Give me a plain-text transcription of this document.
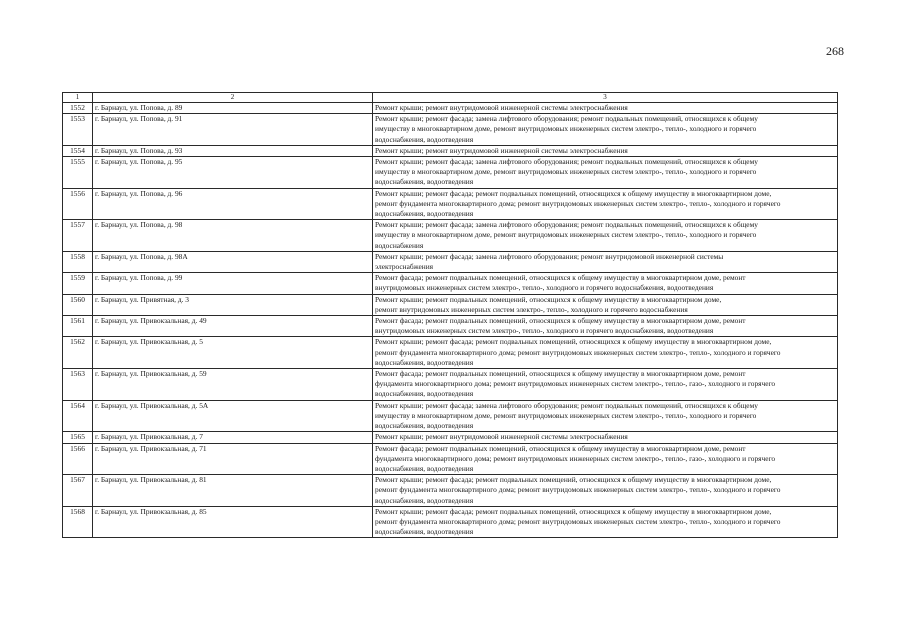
268
1	2	3
1552	г. Барнаул, ул. Попова, д. 89	Ремонт крыши; ремонт внутридомовой инженерной системы электроснабжения
1553	г. Барнаул, ул. Попова, д. 91	Ремонт крыши; ремонт фасада; замена лифтового оборудования; ремонт подвальных помещений, относящихся к общему
имуществу в многоквартирном доме, ремонт внутридомовых инженерных систем электро-, тепло-, холодного и горячего
водоснабжения, водоотведения
1554	г. Барнаул, ул. Попова, д. 93	Ремонт крыши; ремонт внутридомовой инженерной системы электроснабжения
1555	г. Барнаул, ул. Попова, д. 95	Ремонт крыши; ремонт фасада; замена лифтового оборудования; ремонт подвальных помещений, относящихся к общему
имуществу в многоквартирном доме, ремонт внутридомовых инженерных систем электро-, тепло-, холодного и горячего
водоснабжения, водоотведения
1556	г. Барнаул, ул. Попова, д. 96	Ремонт крыши; ремонт фасада; ремонт подвальных помещений, относящихся к общему имуществу в многоквартирном доме,
ремонт фундамента многоквартирного дома; ремонт внутридомовых инженерных систем электро-, тепло-, холодного и горячего
водоснабжения, водоотведения
1557	г. Барнаул, ул. Попова, д. 98	Ремонт крыши; ремонт фасада; замена лифтового оборудования; ремонт подвальных помещений, относящихся к общему
имуществу в многоквартирном доме, ремонт внутридомовых инженерных систем электро-, тепло-, холодного и горячего
водоснабжения
1558	г. Барнаул, ул. Попова, д. 98А	Ремонт крыши; ремонт фасада; замена лифтового оборудования; ремонт внутридомовой инженерной системы
электроснабжения
1559	г. Барнаул, ул. Попова, д. 99	Ремонт фасада; ремонт подвальных помещений, относящихся к общему имуществу в многоквартирном доме, ремонт
внутридомовых инженерных систем электро-, тепло-, холодного и горячего водоснабжения, водоотведения
1560	г. Барнаул, ул. Привятная, д. 3	Ремонт крыши; ремонт подвальных помещений, относящихся к общему имуществу в многоквартирном доме,
ремонт внутридомовых инженерных систем электро-, тепло-, холодного и горячего водоснабжения

1561	г. Барнаул, ул. Привокзальная, д. 49	Ремонт фасада; ремонт подвальных помещений, относящихся к общему имуществу в многоквартирном доме, ремонт
внутридомовых инженерных систем электро-, тепло-, холодного и горячего водоснабжения, водоотведения
1562	г. Барнаул, ул. Привокзальная, д. 5	Ремонт крыши; ремонт фасада; ремонт подвальных помещений, относящихся к общему имуществу в многоквартирном доме,
ремонт фундамента многоквартирного дома; ремонт внутридомовых инженерных систем электро-, тепло-, холодного и горячего
водоснабжения, водоотведения
1563	г. Барнаул, ул. Привокзальная, д. 59	Ремонт фасада; ремонт подвальных помещений, относящихся к общему имуществу в многоквартирном доме, ремонт
фундамента многоквартирного дома; ремонт внутридомовых инженерных систем электро-, тепло-, газо-, холодного и горячего
водоснабжения, водоотведения
1564	г. Барнаул, ул. Привокзальная, д. 5А	Ремонт крыши; ремонт фасада; замена лифтового оборудования; ремонт подвальных помещений, относящихся к общему
имуществу в многоквартирном доме, ремонт внутридомовых инженерных систем электро-, тепло-, холодного и горячего
водоснабжения, водоотведения
1565	г. Барнаул, ул. Привокзальная, д. 7	Ремонт крыши; ремонт внутридомовой инженерной системы электроснабжения
1566	г. Барнаул, ул. Привокзальная, д. 71	Ремонт фасада; ремонт подвальных помещений, относящихся к общему имуществу в многоквартирном доме, ремонт
фундамента многоквартирного дома; ремонт внутридомовых инженерных систем электро-, тепло-, газо-, холодного и горячего
водоснабжения, водоотведения
1567	г. Барнаул, ул. Привокзальная, д. 81	Ремонт крыши; ремонт фасада; ремонт подвальных помещений, относящихся к общему имуществу в многоквартирном доме,
ремонт фундамента многоквартирного дома; ремонт внутридомовых инженерных систем электро-, тепло-, холодного и горячего
водоснабжения, водоотведения
1568	г. Барнаул, ул. Привокзальная, д. 85	Ремонт крыши; ремонт фасада; ремонт подвальных помещений, относящихся к общему имуществу в многоквартирном доме,
ремонт фундамента многоквартирного дома; ремонт внутридомовых инженерных систем электро-, тепло-, холодного и горячего
водоснабжения, водоотведения
